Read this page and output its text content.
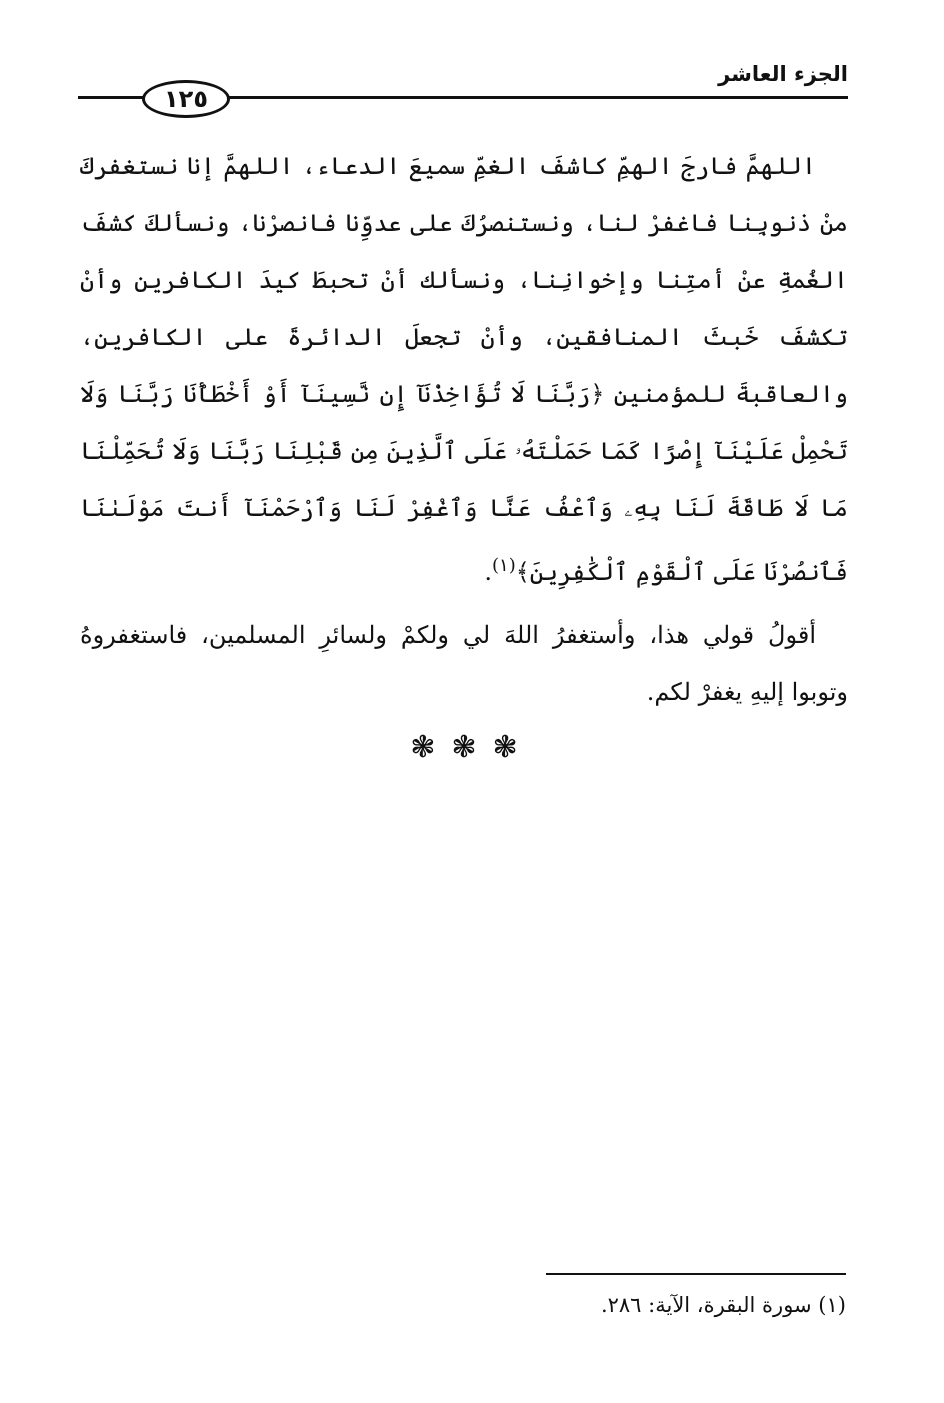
١٢٥
الجزء العاشر

اللهمَّ فارجَ الهمِّ كاشفَ الغمِّ سميعَ الدعاء، اللهمَّ إنا نستغفركَ منْ ذنوبِنا فاغفرْ لنا، ونستنصرُكَ على عدوِّنا فانصرْنا، ونسألكَ كشفَ الغُمةِ عنْ أمتِنا وإخوانِنا، ونسألك أنْ تحبطَ كيدَ الكافرين وأنْ تكشفَ خَبثَ المنافقين، وأنْ تجعلَ الدائرةَ على الكافرين، والعاقبةَ للمؤمنين ﴿رَبَّنَا لَا تُؤَاخِذْنَآ إِن نَّسِينَآ أَوْ أَخْطَأْنَا رَبَّنَا وَلَا تَحْمِلْ عَلَيْنَآ إِصْرًا كَمَا حَمَلْتَهُۥ عَلَى ٱلَّذِينَ مِن قَبْلِنَا رَبَّنَا وَلَا تُحَمِّلْنَا مَا لَا طَاقَةَ لَنَا بِهِۦ وَٱعْفُ عَنَّا وَٱغْفِرْ لَنَا وَٱرْحَمْنَآ أَنتَ مَوْلَىٰنَا فَٱنصُرْنَا عَلَى ٱلْقَوْمِ ٱلْكَٰفِرِينَ﴾$^{(١)}$.

أقولُ قولي هذا، وأستغفرُ اللهَ لي ولكمْ ولسائرِ المسلمين، فاستغفروهُ وتوبوا إليهِ يغفرْ لكم.

❃❃❃
(١) سورة البقرة، الآية: ٢٨٦.
